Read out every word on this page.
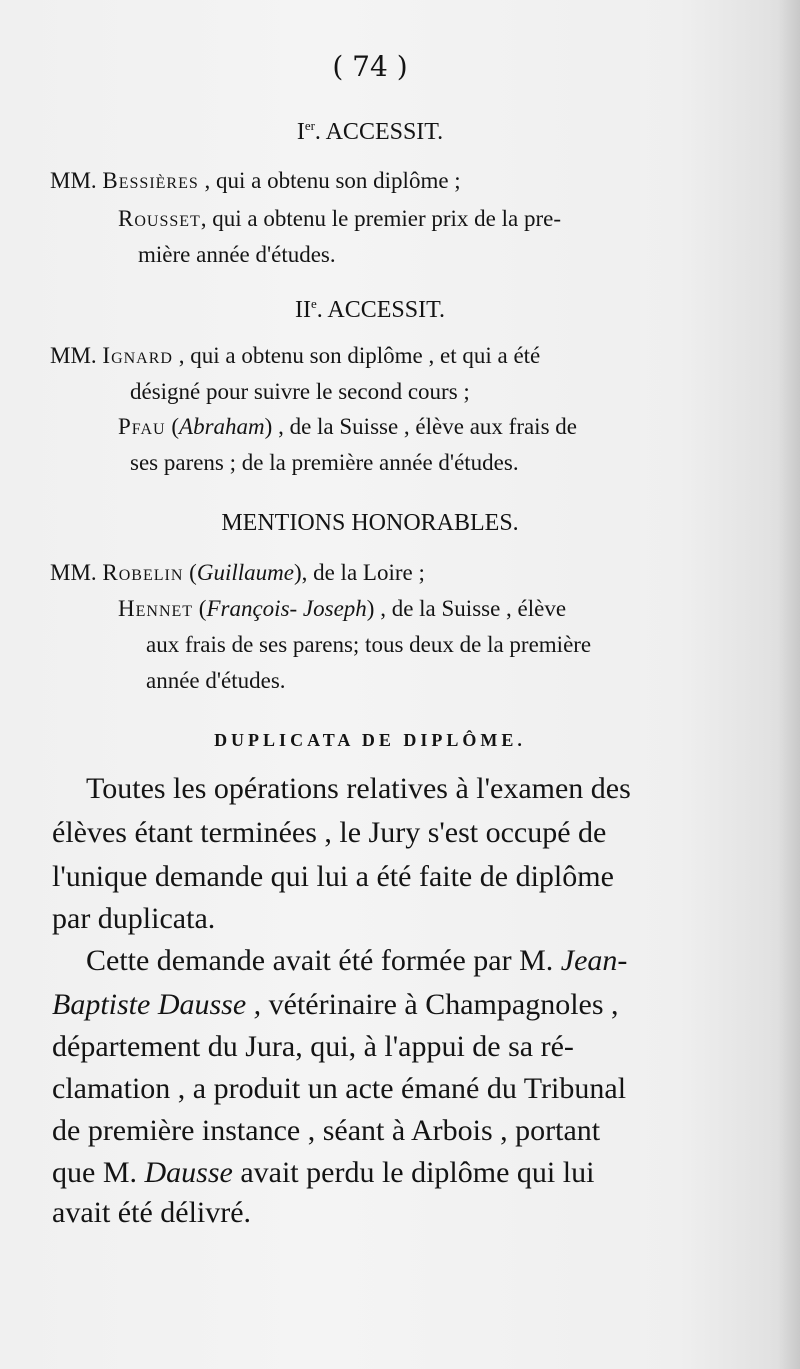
( 74 )
Ier. ACCESSIT.
MM. Bessières , qui a obtenu son diplôme ;
Rousset, qui a obtenu le premier prix de la pre-
mière année d'études.
IIe. ACCESSIT.
MM. Ignard , qui a obtenu son diplôme , et qui a été
désigné pour suivre le second cours ;
Pfau (Abraham) , de la Suisse , élève aux frais de
ses parens ; de la première année d'études.
MENTIONS HONORABLES.
MM. Robelin (Guillaume), de la Loire ;
Hennet (François- Joseph) , de la Suisse , élève
aux frais de ses parens; tous deux de la première
année d'études.
DUPLICATA DE DIPLÔME.
Toutes les opérations relatives à l'examen des
élèves étant terminées , le Jury s'est occupé de
l'unique demande qui lui a été faite de diplôme
par duplicata.
Cette demande avait été formée par M. Jean-
Baptiste Dausse , vétérinaire à Champagnoles ,
département du Jura, qui, à l'appui de sa ré-
clamation , a produit un acte émané du Tribunal
de première instance , séant à Arbois , portant
que M. Dausse avait perdu le diplôme qui lui
avait été délivré.
